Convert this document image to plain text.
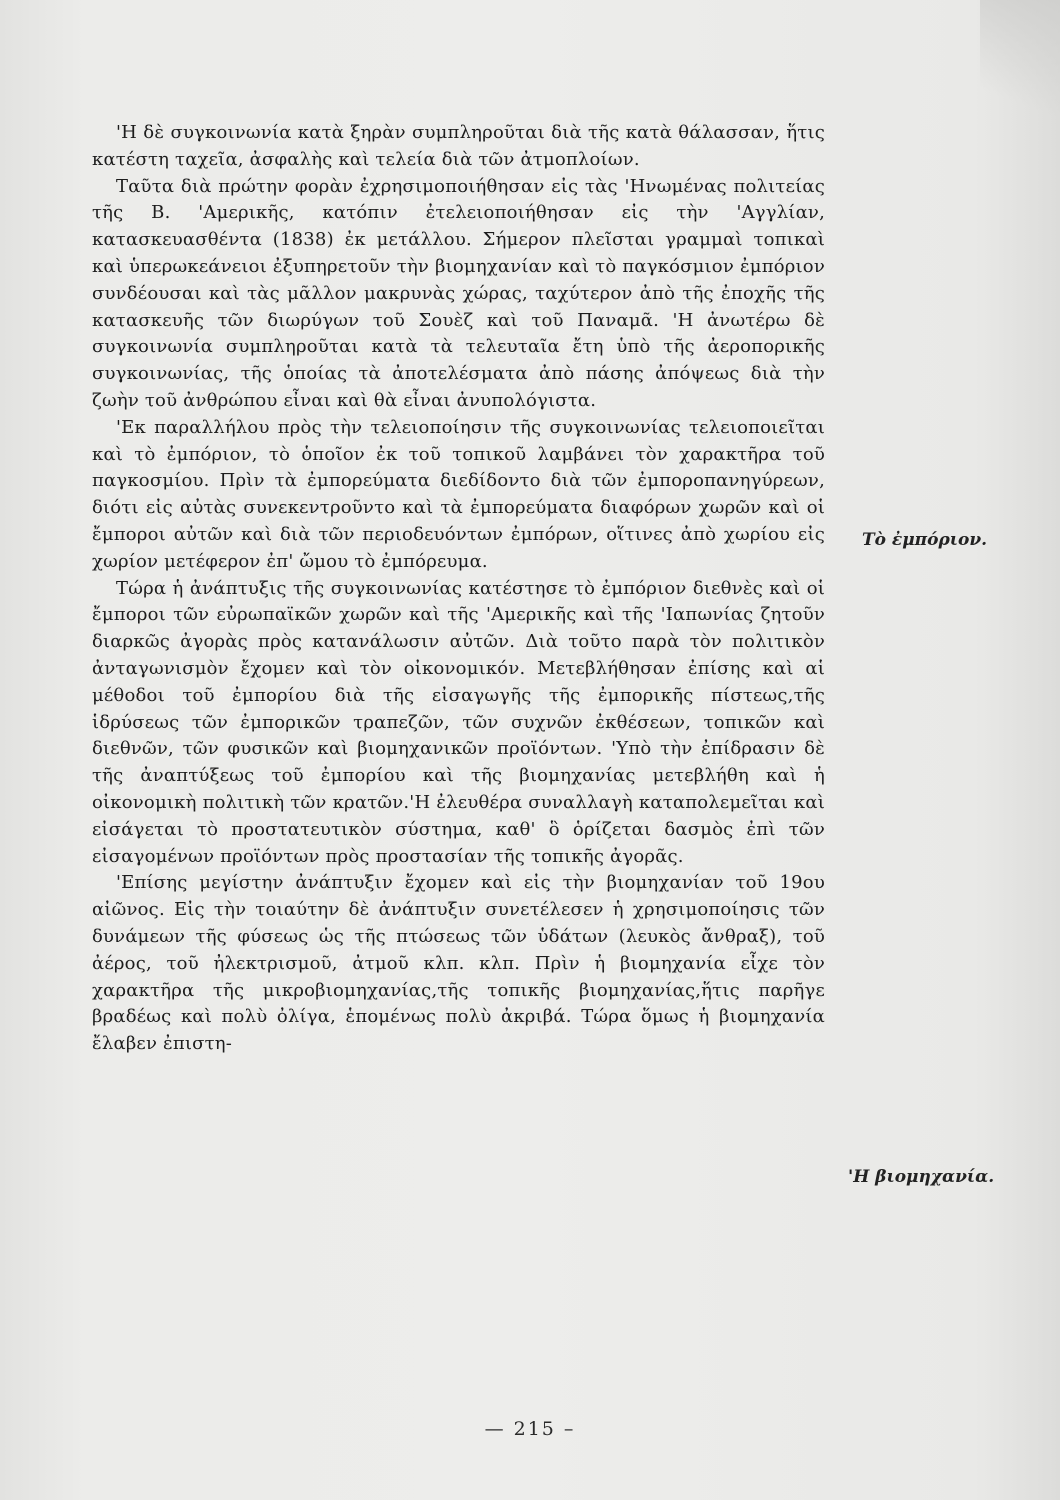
'Η δὲ συγκοινωνία κατὰ ξηρὰν συμπληροῦται διὰ τῆς κατὰ θάλασσαν, ἥτις κατέστη ταχεῖα, ἀσφαλὴς καὶ τελεία διὰ τῶν ἀτμοπλοίων.

Ταῦτα διὰ πρώτην φορὰν ἐχρησιμοποιήθησαν εἰς τὰς 'Ηνωμένας πολιτείας τῆς Β. 'Αμερικῆς, κατόπιν ἐτελειοποιήθησαν εἰς τὴν 'Αγγλίαν, κατασκευασθέντα (1838) ἐκ μετάλλου. Σήμερον πλεῖσται γραμμαὶ τοπικαὶ καὶ ὑπερωκεάνειοι ἐξυπηρετοῦν τὴν βιομηχανίαν καὶ τὸ παγκόσμιον ἐμπόριον συνδέουσαι καὶ τὰς μᾶλλον μακρυνὰς χώρας, ταχύτερον ἀπὸ τῆς ἐποχῆς τῆς κατασκευῆς τῶν διωρύγων τοῦ Σουὲζ καὶ τοῦ Παναμᾶ. 'Η ἀνωτέρω δὲ συγκοινωνία συμπληροῦται κατὰ τὰ τελευταῖα ἔτη ὑπὸ τῆς ἀεροπορικῆς συγκοινωνίας, τῆς ὁποίας τὰ ἀποτελέσματα ἀπὸ πάσης ἀπόψεως διὰ τὴν ζωὴν τοῦ ἀνθρώπου εἶναι καὶ θὰ εἶναι ἀνυπολόγιστα.

'Εκ παραλλήλου πρὸς τὴν τελειοποίησιν τῆς συγκοινωνίας τελειοποιεῖται καὶ τὸ ἐμπόριον, τὸ ὁποῖον ἐκ τοῦ τοπικοῦ λαμβάνει τὸν χαρακτῆρα τοῦ παγκοσμίου. Πρὶν τὰ ἐμπορεύματα διεδίδοντο διὰ τῶν ἐμποροπανηγύρεων, διότι εἰς αὐτὰς συνεκεντροῦντο καὶ τὰ ἐμπορεύματα διαφόρων χωρῶν καὶ οἱ ἔμποροι αὐτῶν καὶ διὰ τῶν περιοδευόντων ἐμπόρων, οἵτινες ἀπὸ χωρίου εἰς χωρίον μετέφερον ἐπ' ὤμου τὸ ἐμπόρευμα.

Τώρα ἡ ἀνάπτυξις τῆς συγκοινωνίας κατέστησε τὸ ἐμπόριον διεθνὲς καὶ οἱ ἔμποροι τῶν εὐρωπαϊκῶν χωρῶν καὶ τῆς 'Αμερικῆς καὶ τῆς 'Ιαπωνίας ζητοῦν διαρκῶς ἀγορὰς πρὸς κατανάλωσιν αὐτῶν. Διὰ τοῦτο παρὰ τὸν πολιτικὸν ἀνταγωνισμὸν ἔχομεν καὶ τὸν οἰκονομικόν. Μετεβλήθησαν ἐπίσης καὶ αἱ μέθοδοι τοῦ ἐμπορίου διὰ τῆς εἰσαγωγῆς τῆς ἐμπορικῆς πίστεως,τῆς ἱδρύσεως τῶν ἐμπορικῶν τραπεζῶν, τῶν συχνῶν ἐκθέσεων, τοπικῶν καὶ διεθνῶν, τῶν φυσικῶν καὶ βιομηχανικῶν προϊόντων. 'Υπὸ τὴν ἐπίδρασιν δὲ τῆς ἀναπτύξεως τοῦ ἐμπορίου καὶ τῆς βιομηχανίας μετεβλήθη καὶ ἡ οἰκονομικὴ πολιτικὴ τῶν κρατῶν.'Η ἐλευθέρα συναλλαγὴ καταπολεμεῖται καὶ εἰσάγεται τὸ προστατευτικὸν σύστημα, καθ' ὃ ὁρίζεται δασμὸς ἐπὶ τῶν εἰσαγομένων προϊόντων πρὸς προστασίαν τῆς τοπικῆς ἀγορᾶς.

'Επίσης μεγίστην ἀνάπτυξιν ἔχομεν καὶ εἰς τὴν βιομηχανίαν τοῦ 19ου αἰῶνος. Εἰς τὴν τοιαύτην δὲ ἀνάπτυξιν συνετέλεσεν ἡ χρησιμοποίησις τῶν δυνάμεων τῆς φύσεως ὡς τῆς πτώσεως τῶν ὑδάτων (λευκὸς ἄνθραξ), τοῦ ἀέρος, τοῦ ἠλεκτρισμοῦ, ἀτμοῦ κλπ. κλπ. Πρὶν ἡ βιομηχανία εἶχε τὸν χαρακτῆρα τῆς μικροβιομηχανίας,τῆς τοπικῆς βιομηχανίας,ἥτις παρῆγε βραδέως καὶ πολὺ ὀλίγα, ἑπομένως πολὺ ἀκριβά. Τώρα ὅμως ἡ βιομηχανία ἔλαβεν ἐπιστη-

Τὸ ἐμπόριον.
'Η βιομηχανία.
— 215 –
